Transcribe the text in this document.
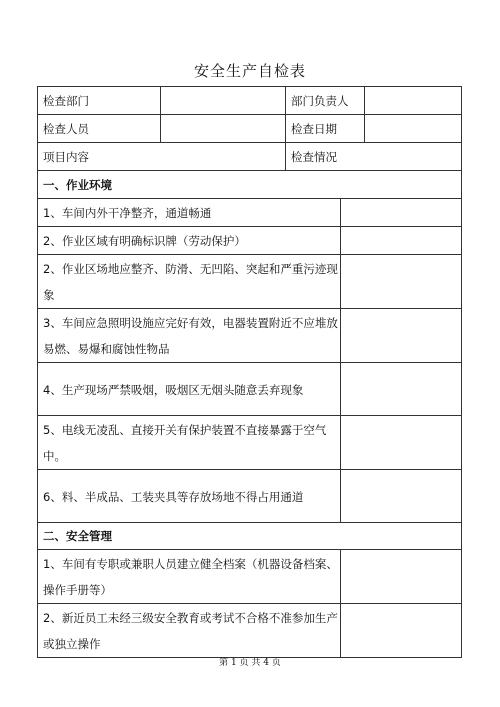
安全生产自检表
检查部门		部门负责人		
检查人员		检查日期		
项目内容		检查情况		
一、作业环境				
1、车间内外干净整齐，通道畅通				
2、作业区域有明确标识牌（劳动保护）				
2、作业区场地应整齐、防滑、无凹陷、突起和严重污迹现象				
3、车间应急照明设施应完好有效，电器装置附近不应堆放易燃、易爆和腐蚀性物品				
4、生产现场严禁吸烟，吸烟区无烟头随意丢弃现象				
5、电线无凌乱、直接开关有保护装置不直接暴露于空气中。				
6、料、半成品、工装夹具等存放场地不得占用通道				
二、安全管理				
1、车间有专职或兼职人员建立健全档案（机器设备档案、操作手册等）				
2、新近员工未经三级安全教育或考试不合格不准参加生产或独立操作				
第 1 页 共 4 页
